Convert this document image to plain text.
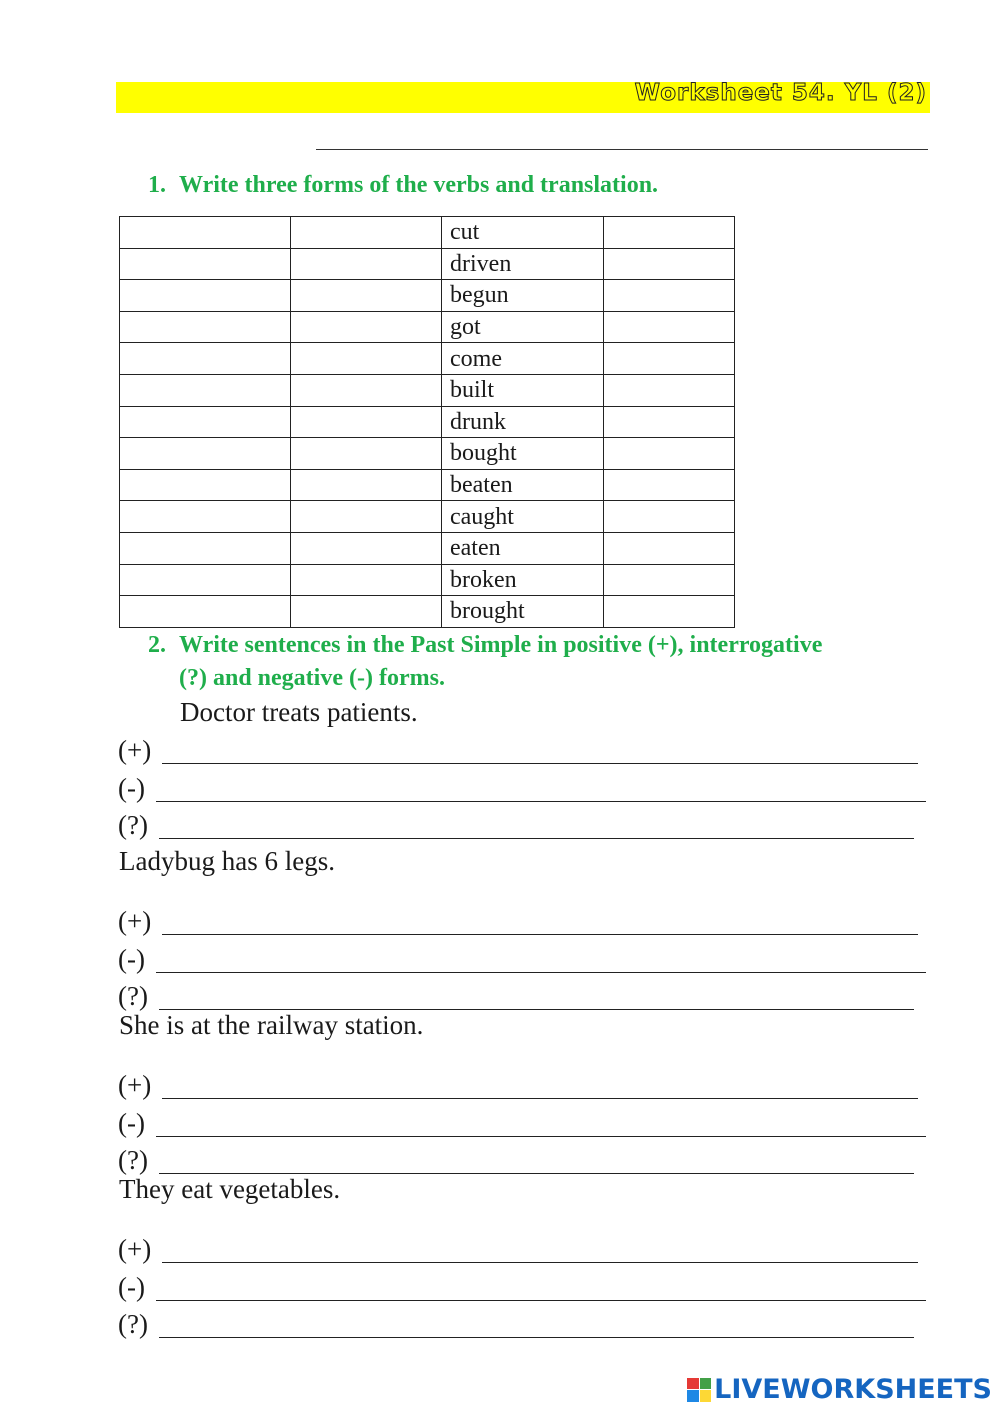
Worksheet 54. YL (2)
1. Write three forms of the verbs and translation.
		cut	
		driven	
		begun	
		got	
		come	
		built	
		drunk	
		bought	
		beaten	
		caught	
		eaten	
		broken	
		brought	
2. Write sentences in the Past Simple in positive (+), interrogative
(?) and negative (-) forms.
Doctor treats patients.
(+)
(-)
(?)
Ladybug has 6 legs.
(+)
(-)
(?)
She is at the railway station.
(+)
(-)
(?)
They eat vegetables.
(+)
(-)
(?)
LIVEWORKSHEETS
